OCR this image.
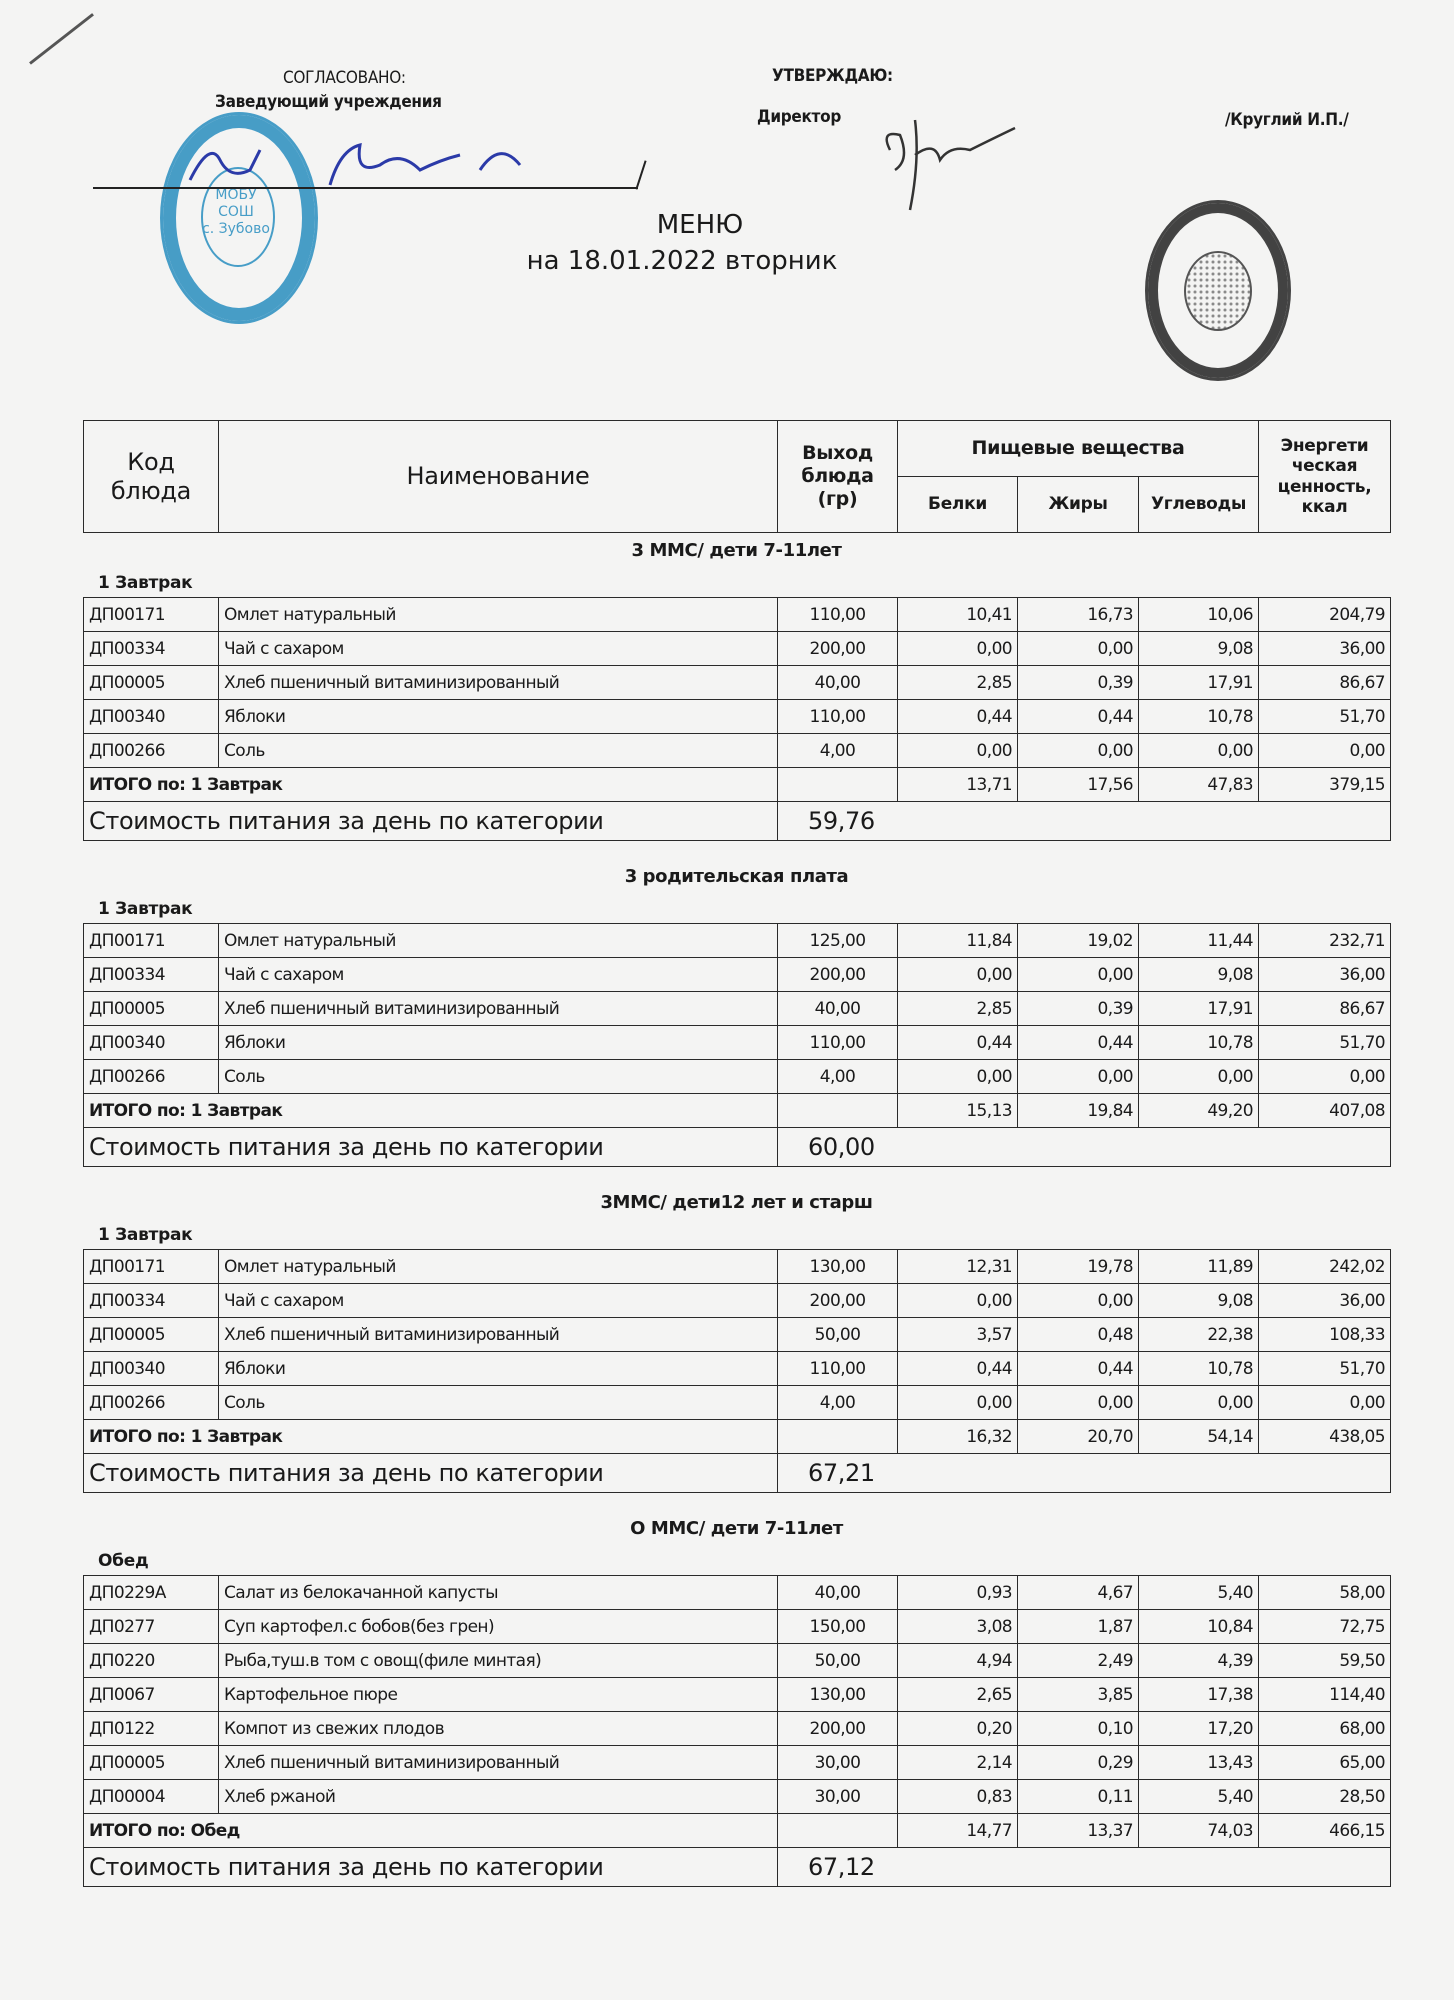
СОГЛАСОВАНО:
Заведующий учреждения
МОБУ
СОШ
с. Зубово
УТВЕРЖДАЮ:
Директор	/Круглий И.П./
МЕНЮ
на 18.01.2022 вторник
Код блюда	Наименование	Выход блюда (гр)	Пищевые вещества			Энергети ческая ценность, ккал
			Белки	Жиры	Углеводы	
3 ММС/ дети 7-11лет
1 Завтрак
ДП00171	Омлет натуральный	110,00	10,41	16,73	10,06	204,79
ДП00334	Чай с сахаром	200,00	0,00	0,00	9,08	36,00
ДП00005	Хлеб пшеничный витаминизированный	40,00	2,85	0,39	17,91	86,67
ДП00340	Яблоки	110,00	0,44	0,44	10,78	51,70
ДП00266	Соль	4,00	0,00	0,00	0,00	0,00
ИТОГО по: 1 Завтрак			13,71	17,56	47,83	379,15
Стоимость питания за день по категории		59,76				
3 родительская плата
1 Завтрак
ДП00171	Омлет натуральный	125,00	11,84	19,02	11,44	232,71
ДП00334	Чай с сахаром	200,00	0,00	0,00	9,08	36,00
ДП00005	Хлеб пшеничный витаминизированный	40,00	2,85	0,39	17,91	86,67
ДП00340	Яблоки	110,00	0,44	0,44	10,78	51,70
ДП00266	Соль	4,00	0,00	0,00	0,00	0,00
ИТОГО по: 1 Завтрак			15,13	19,84	49,20	407,08
Стоимость питания за день по категории		60,00				
3ММС/ дети12 лет и старш
1 Завтрак
ДП00171	Омлет натуральный	130,00	12,31	19,78	11,89	242,02
ДП00334	Чай с сахаром	200,00	0,00	0,00	9,08	36,00
ДП00005	Хлеб пшеничный витаминизированный	50,00	3,57	0,48	22,38	108,33
ДП00340	Яблоки	110,00	0,44	0,44	10,78	51,70
ДП00266	Соль	4,00	0,00	0,00	0,00	0,00
ИТОГО по: 1 Завтрак			16,32	20,70	54,14	438,05
Стоимость питания за день по категории		67,21				
О ММС/ дети 7-11лет
Обед
ДП0229А	Салат из белокачанной капусты	40,00	0,93	4,67	5,40	58,00
ДП0277	Суп картофел.с бобов(без грен)	150,00	3,08	1,87	10,84	72,75
ДП0220	Рыба,туш.в том с овощ(филе минтая)	50,00	4,94	2,49	4,39	59,50
ДП0067	Картофельное пюре	130,00	2,65	3,85	17,38	114,40
ДП0122	Компот из свежих плодов	200,00	0,20	0,10	17,20	68,00
ДП00005	Хлеб пшеничный витаминизированный	30,00	2,14	0,29	13,43	65,00
ДП00004	Хлеб ржаной	30,00	0,83	0,11	5,40	28,50
ИТОГО по: Обед			14,77	13,37	74,03	466,15
Стоимость питания за день по категории		67,12				
